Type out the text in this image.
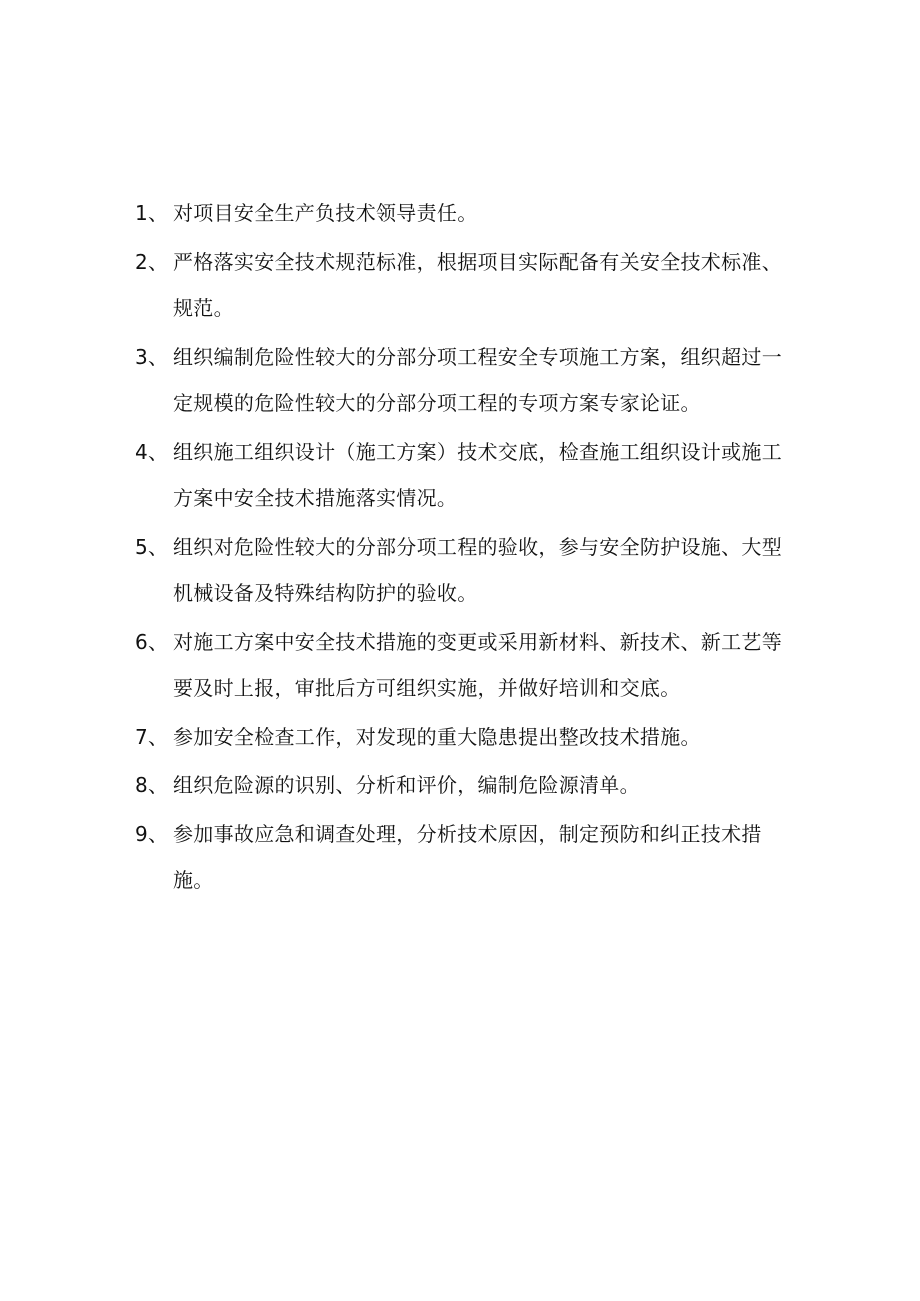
1、 对项目安全生产负技术领导责任。
2、 严格落实安全技术规范标准，根据项目实际配备有关安全技术标准、规范。
3、 组织编制危险性较大的分部分项工程安全专项施工方案，组织超过一定规模的危险性较大的分部分项工程的专项方案专家论证。
4、 组织施工组织设计（施工方案）技术交底，检查施工组织设计或施工方案中安全技术措施落实情况。
5、 组织对危险性较大的分部分项工程的验收，参与安全防护设施、大型机械设备及特殊结构防护的验收。
6、 对施工方案中安全技术措施的变更或采用新材料、新技术、新工艺等要及时上报，审批后方可组织实施，并做好培训和交底。
7、 参加安全检查工作，对发现的重大隐患提出整改技术措施。
8、 组织危险源的识别、分析和评价，编制危险源清单。
9、 参加事故应急和调查处理，分析技术原因，制定预防和纠正技术措施。
